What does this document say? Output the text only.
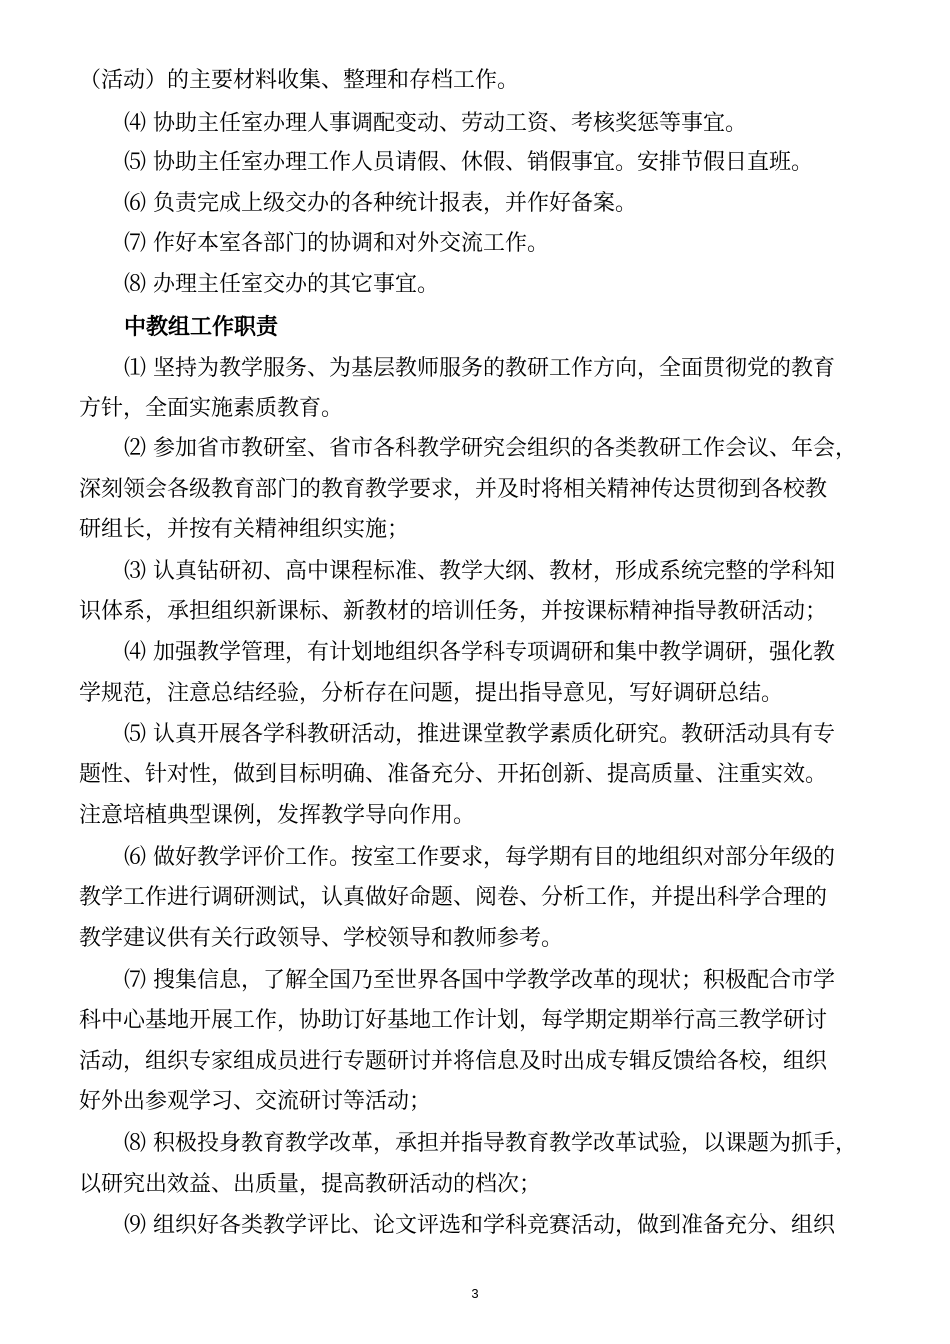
（活动）的主要材料收集、整理和存档工作。
⑷ 协助主任室办理人事调配变动、劳动工资、考核奖惩等事宜。
⑸ 协助主任室办理工作人员请假、休假、销假事宜。安排节假日直班。
⑹ 负责完成上级交办的各种统计报表，并作好备案。
⑺ 作好本室各部门的协调和对外交流工作。
⑻ 办理主任室交办的其它事宜。
中教组工作职责
⑴ 坚持为教学服务、为基层教师服务的教研工作方向，全面贯彻党的教育
方针，全面实施素质教育。
⑵ 参加省市教研室、省市各科教学研究会组织的各类教研工作会议、年会，
深刻领会各级教育部门的教育教学要求，并及时将相关精神传达贯彻到各校教
研组长，并按有关精神组织实施；
⑶ 认真钻研初、高中课程标准、教学大纲、教材，形成系统完整的学科知
识体系，承担组织新课标、新教材的培训任务，并按课标精神指导教研活动；
⑷ 加强教学管理，有计划地组织各学科专项调研和集中教学调研，强化教
学规范，注意总结经验，分析存在问题，提出指导意见，写好调研总结。
⑸ 认真开展各学科教研活动，推进课堂教学素质化研究。教研活动具有专
题性、针对性，做到目标明确、准备充分、开拓创新、提高质量、注重实效。
注意培植典型课例，发挥教学导向作用。
⑹ 做好教学评价工作。按室工作要求，每学期有目的地组织对部分年级的
教学工作进行调研测试，认真做好命题、阅卷、分析工作，并提出科学合理的
教学建议供有关行政领导、学校领导和教师参考。
⑺ 搜集信息，了解全国乃至世界各国中学教学改革的现状；积极配合市学
科中心基地开展工作，协助订好基地工作计划，每学期定期举行高三教学研讨
活动，组织专家组成员进行专题研讨并将信息及时出成专辑反馈给各校，组织
好外出参观学习、交流研讨等活动；
⑻ 积极投身教育教学改革，承担并指导教育教学改革试验，以课题为抓手，
以研究出效益、出质量，提高教研活动的档次；
⑼ 组织好各类教学评比、论文评选和学科竞赛活动，做到准备充分、组织
3
